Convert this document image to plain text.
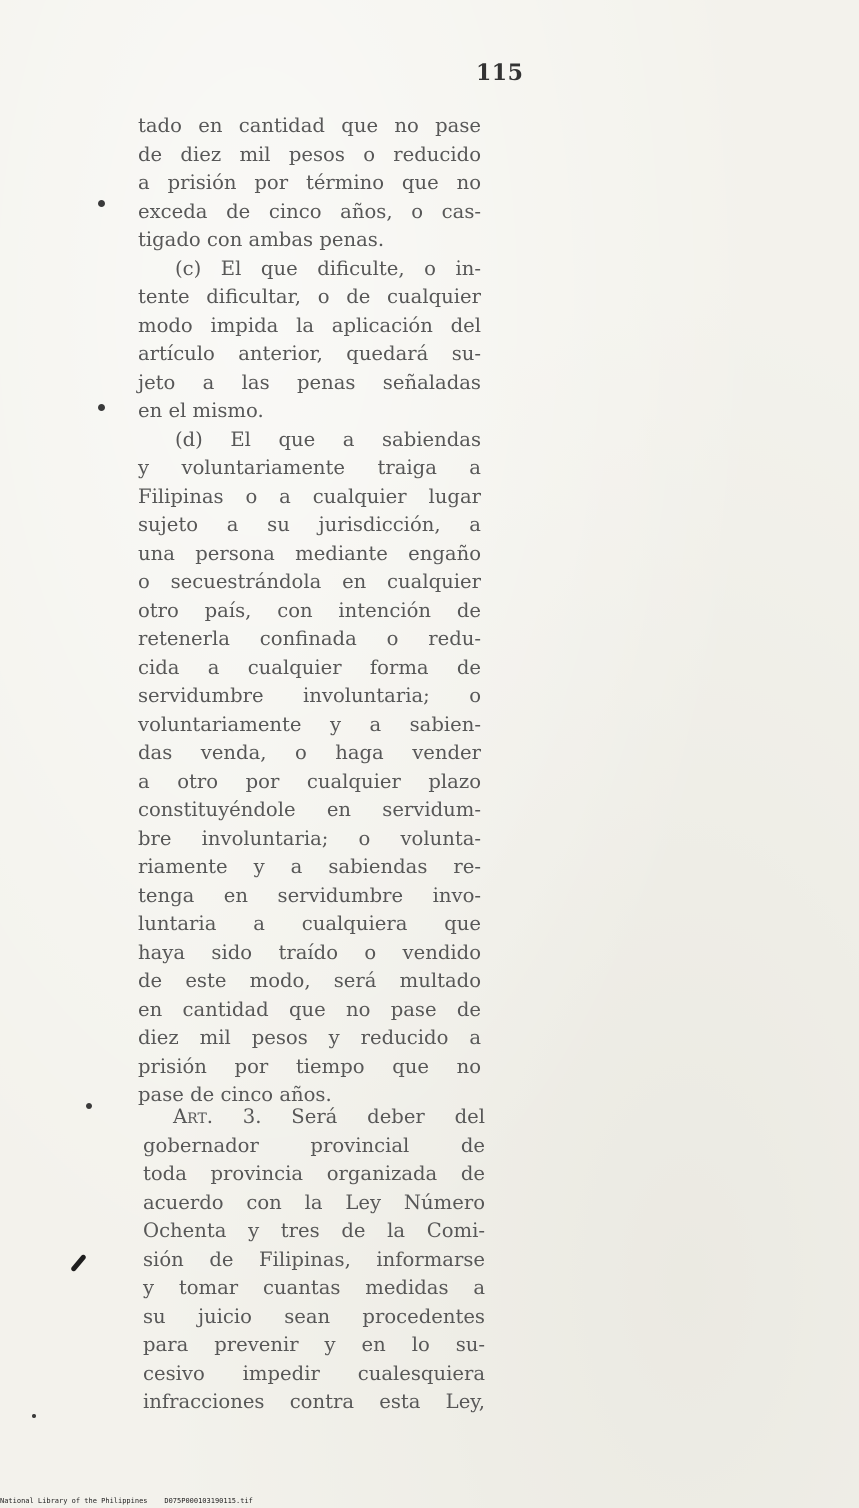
115
tado en cantidad que no pase
de diez mil pesos o reducido
a prisión por término que no
exceda de cinco años, o cas-
tigado con ambas penas.
(c) El que dificulte, o in-
tente dificultar, o de cualquier
modo impida la aplicación del
artículo anterior, quedará su-
jeto a las penas señaladas
en el mismo.
(d) El que a sabiendas
y voluntariamente traiga a
Filipinas o a cualquier lugar
sujeto a su jurisdicción, a
una persona mediante engaño
o secuestrándola en cualquier
otro país, con intención de
retenerla confinada o redu-
cida a cualquier forma de
servidumbre involuntaria; o
voluntariamente y a sabien-
das venda, o haga vender
a otro por cualquier plazo
constituyéndole en servidum-
bre involuntaria; o volunta-
riamente y a sabiendas re-
tenga en servidumbre invo-
luntaria a cualquiera que
haya sido traído o vendido
de este modo, será multado
en cantidad que no pase de
diez mil pesos y reducido a
prisión por tiempo que no
pase de cinco años.
Art. 3. Será deber del
gobernador provincial de
toda provincia organizada de
acuerdo con la Ley Número
Ochenta y tres de la Comi-
sión de Filipinas, informarse
y tomar cuantas medidas a
su juicio sean procedentes
para prevenir y en lo su-
cesivo impedir cualesquiera
infracciones contra esta Ley,
National Library of the Philippines D075P000103190115.tif
